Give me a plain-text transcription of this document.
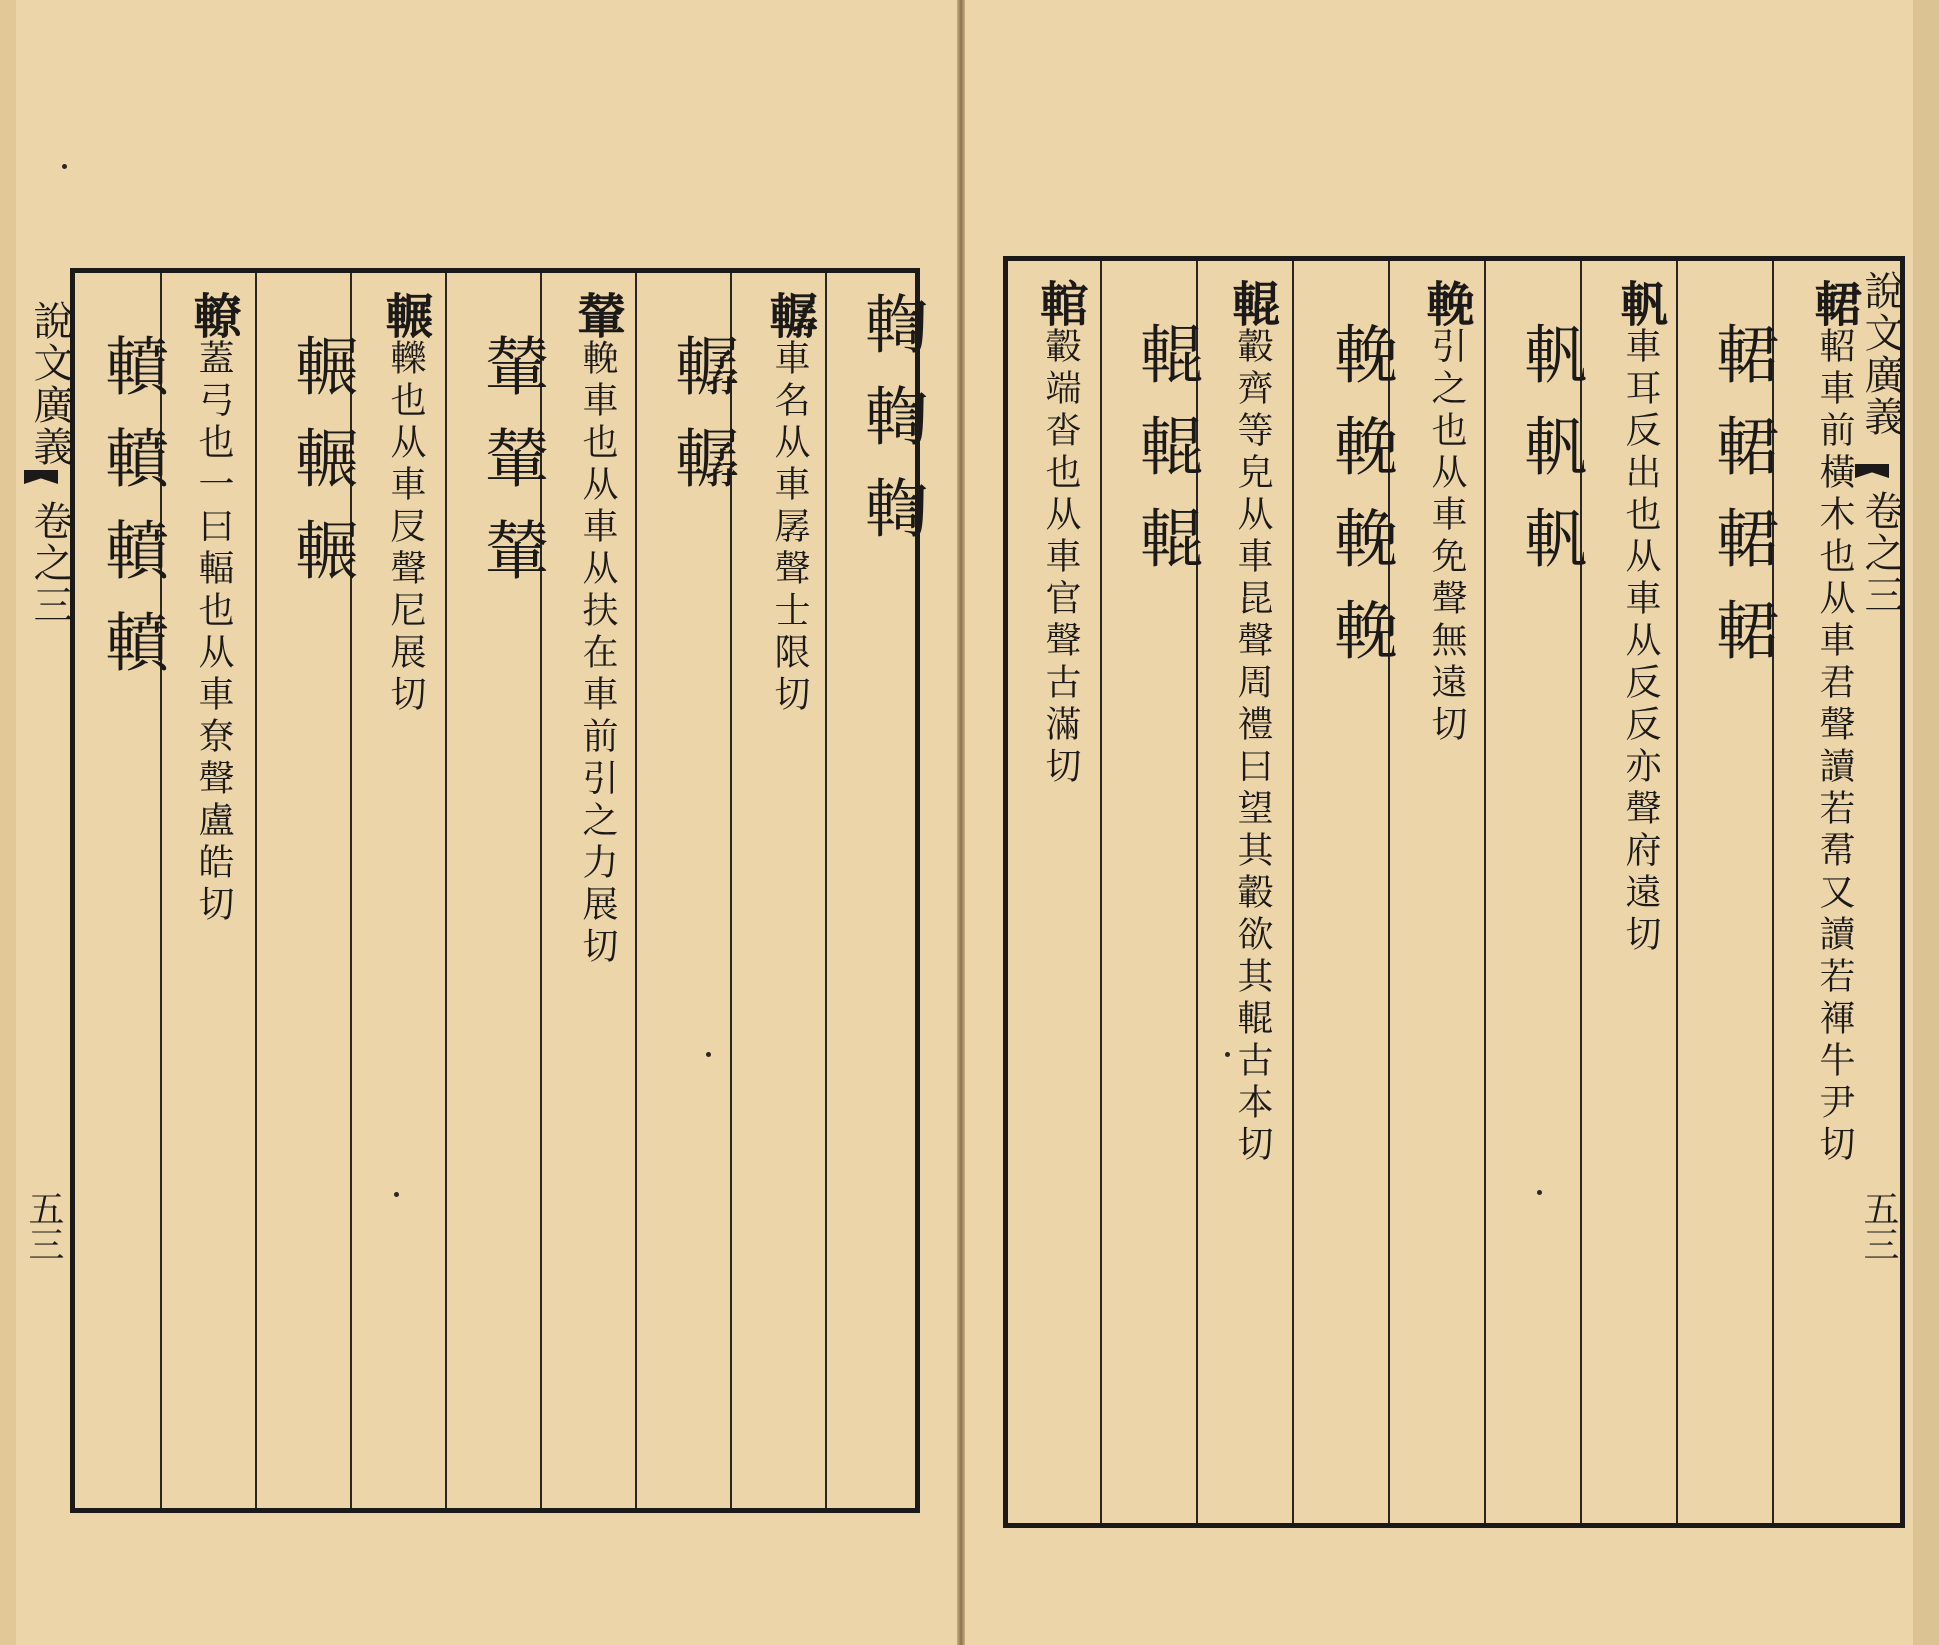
說文廣義
卷之三
五三
輷輷輷
轏車名从車孱聲士限切
轏轏
輦輓車也从車从扶在車前引之力展切
輦輦輦
輾轢也从車㞋聲尼展切
輾輾輾
轑蓋弓也一曰輻也从車尞聲盧皓切
轒轒轒轒	說文廣義
卷之三
五三
輑軺車前橫木也从車君聲讀若帬又讀若褌牛尹切
輑輑輑輑
軓車耳反出也从車从反反亦聲府遠切
軓軓軓
輓引之也从車免聲無遠切
輓輓輓輓
輥轂齊等皃从車昆聲周禮曰望其轂欲其輥古本切
輥輥輥
輨轂端沓也从車官聲古滿切
